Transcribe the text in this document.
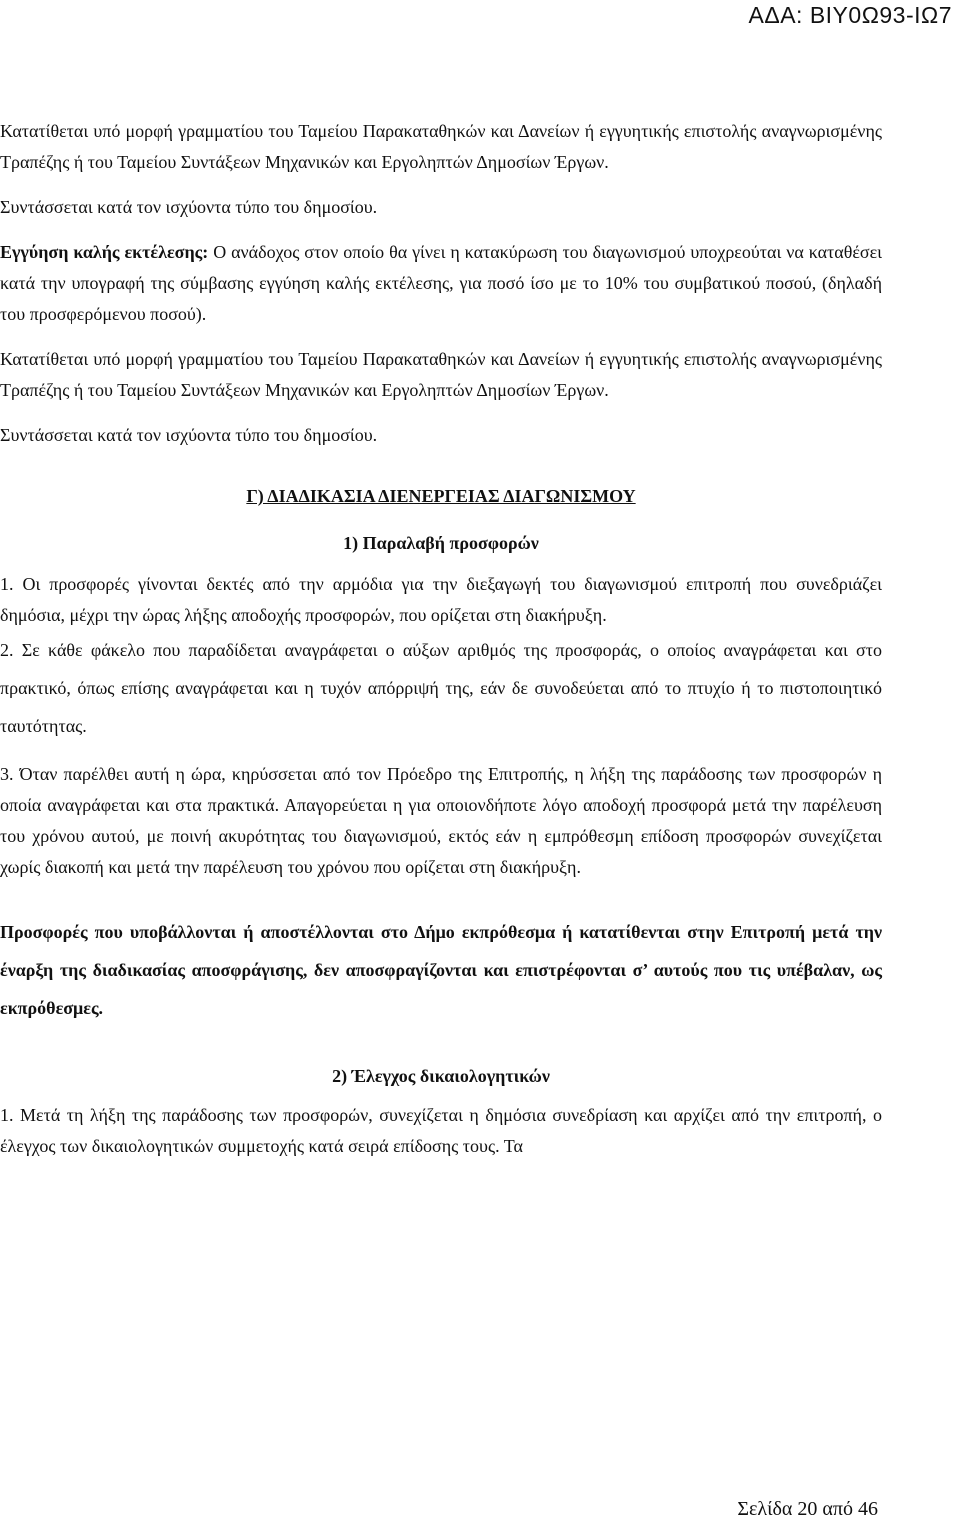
ΑΔΑ: ΒΙΥ0Ω93-ΙΩ7

Κατατίθεται υπό μορφή γραμματίου του Ταμείου Παρακαταθηκών και Δανείων ή εγγυητικής επιστολής αναγνωρισμένης Τραπέζης ή του Ταμείου Συντάξεων Μηχανικών και Εργοληπτών Δημοσίων Έργων.

Συντάσσεται κατά τον ισχύοντα τύπο του δημοσίου.

Εγγύηση καλής εκτέλεσης: Ο ανάδοχος στον οποίο θα γίνει η κατακύρωση του διαγωνισμού υποχρεούται να καταθέσει κατά την υπογραφή της σύμβασης εγγύηση καλής εκτέλεσης, για ποσό ίσο με το 10% του συμβατικού ποσού, (δηλαδή του προσφερόμενου ποσού).

Κατατίθεται υπό μορφή γραμματίου του Ταμείου Παρακαταθηκών και Δανείων ή εγγυητικής επιστολής αναγνωρισμένης Τραπέζης ή του Ταμείου Συντάξεων Μηχανικών και Εργοληπτών Δημοσίων Έργων.

Συντάσσεται κατά τον ισχύοντα τύπο του δημοσίου.

Γ) ΔΙΑΔΙΚΑΣΙΑ ΔΙΕΝΕΡΓΕΙΑΣ ΔΙΑΓΩΝΙΣΜΟΥ

1) Παραλαβή προσφορών

1. Οι προσφορές γίνονται δεκτές από την αρμόδια για την διεξαγωγή του διαγωνισμού επιτροπή που συνεδριάζει δημόσια, μέχρι την ώρας λήξης αποδοχής προσφορών, που ορίζεται στη διακήρυξη.

2. Σε κάθε φάκελο που παραδίδεται αναγράφεται ο αύξων αριθμός της προσφοράς, ο οποίος αναγράφεται και στο πρακτικό, όπως επίσης αναγράφεται και η τυχόν απόρριψή της, εάν δε συνοδεύεται από το πτυχίο ή το πιστοποιητικό ταυτότητας.

3. Όταν παρέλθει αυτή η ώρα, κηρύσσεται από τον Πρόεδρο της Επιτροπής, η λήξη της παράδοσης των προσφορών η οποία αναγράφεται και στα πρακτικά. Απαγορεύεται η για οποιονδήποτε λόγο αποδοχή προσφορά μετά την παρέλευση του χρόνου αυτού, με ποινή ακυρότητας του διαγωνισμού, εκτός εάν η εμπρόθεσμη επίδοση προσφορών συνεχίζεται χωρίς διακοπή και μετά την παρέλευση του χρόνου που ορίζεται στη διακήρυξη.

Προσφορές που υποβάλλονται ή αποστέλλονται στο Δήμο εκπρόθεσμα ή κατατίθενται στην Επιτροπή μετά την έναρξη της διαδικασίας αποσφράγισης, δεν αποσφραγίζονται και επιστρέφονται σ’ αυτούς που τις υπέβαλαν, ως εκπρόθεσμες.

2) Έλεγχος δικαιολογητικών

1. Μετά τη λήξη της παράδοσης των προσφορών, συνεχίζεται η δημόσια συνεδρίαση και αρχίζει από την επιτροπή, ο έλεγχος των δικαιολογητικών συμμετοχής κατά σειρά επίδοσης τους. Τα

Σελίδα 20 από 46
